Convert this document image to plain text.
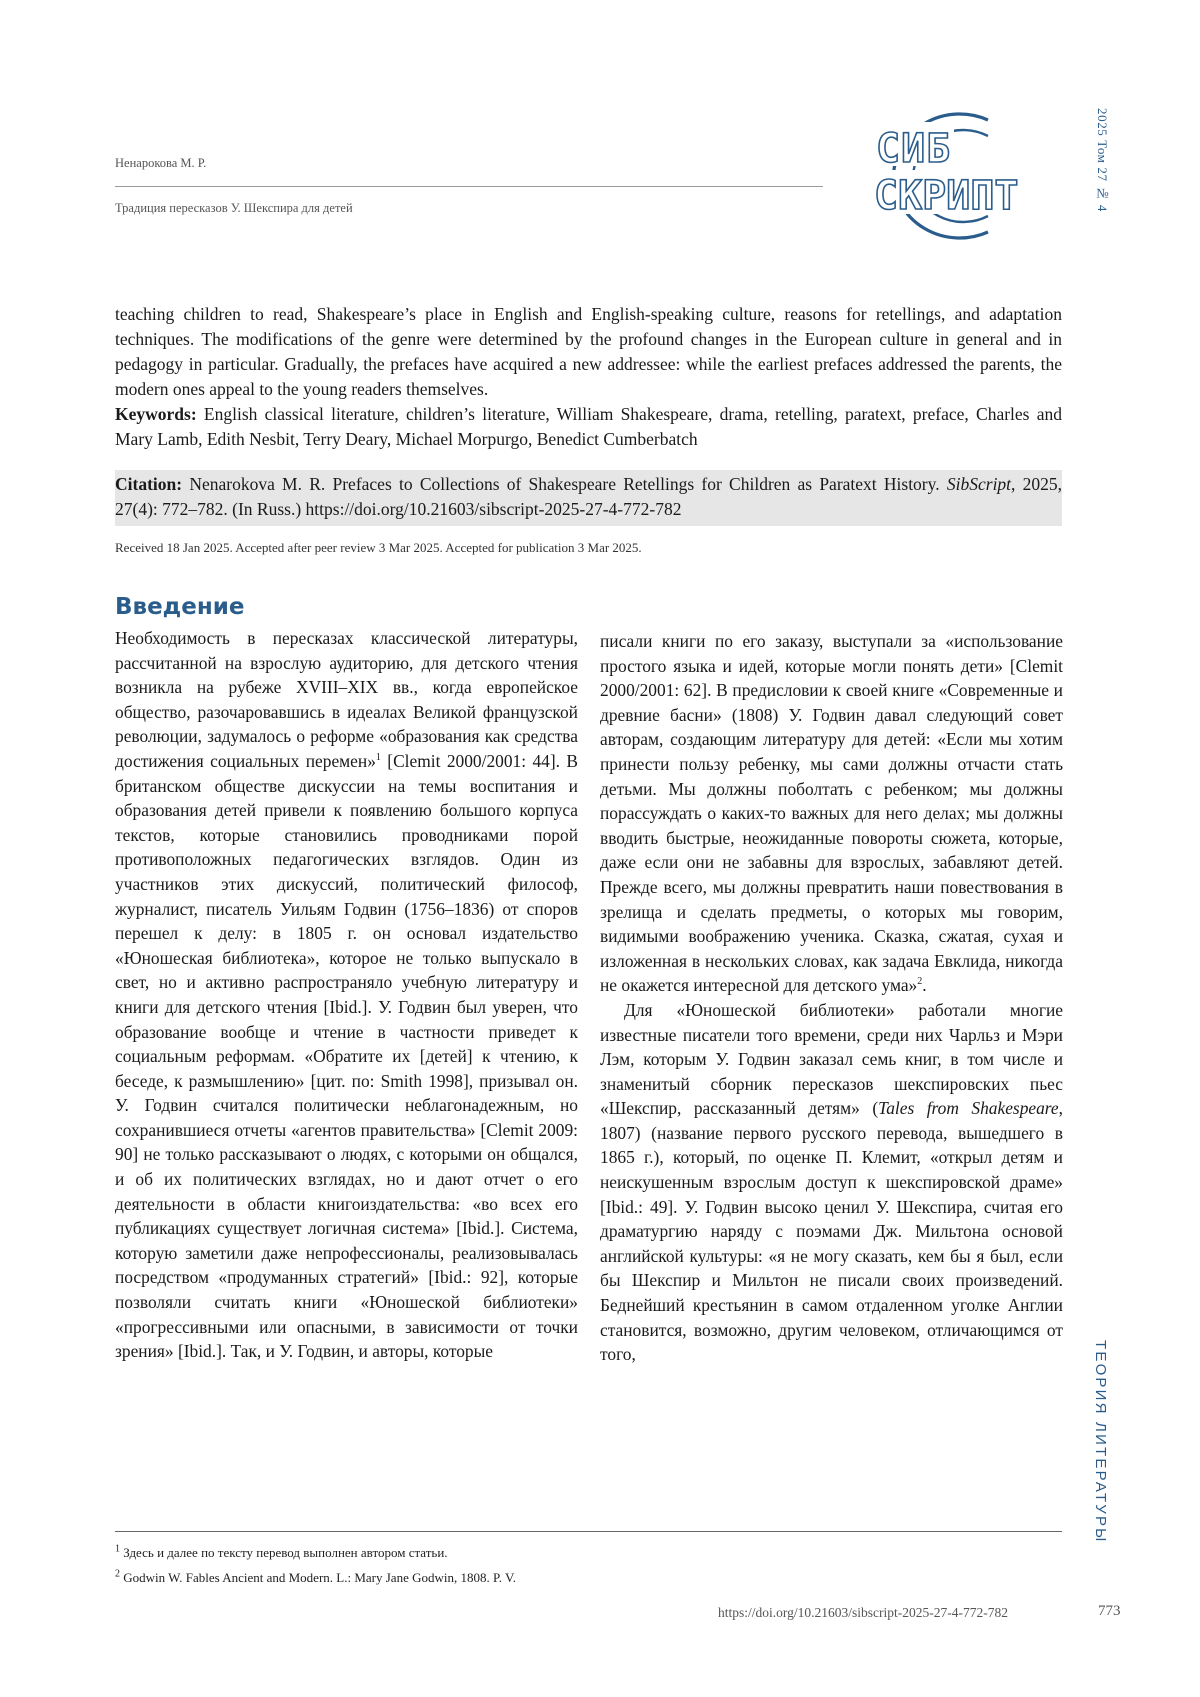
Ненарокова М. Р.
Традиция пересказов У. Шекспира для детей
СИБ
СКРИПТ	2025 Том 27 № 4

teaching children to read, Shakespeare’s place in English and English-speaking culture, reasons for retellings, and adaptation techniques. The modifications of the genre were determined by the profound changes in the European culture in general and in pedagogy in particular. Gradually, the prefaces have acquired a new addressee: while the earliest prefaces addressed the parents, the modern ones appeal to the young readers themselves.

Keywords: English classical literature, children’s literature, William Shakespeare, drama, retelling, paratext, preface, Charles and Mary Lamb, Edith Nesbit, Terry Deary, Michael Morpurgo, Benedict Cumberbatch

Citation: Nenarokova M. R. Prefaces to Collections of Shakespeare Retellings for Children as Paratext History. SibScript, 2025, 27(4): 772–782. (In Russ.) https://doi.org/10.21603/sibscript-2025-27-4-772-782
Received 18 Jan 2025. Accepted after peer review 3 Mar 2025. Accepted for publication 3 Mar 2025.
Введение

Необходимость в пересказах классической литературы, рассчитанной на взрослую аудиторию, для детского чтения возникла на рубеже XVIII–XIX вв., когда европейское общество, разочаровавшись в идеалах Великой французской революции, задумалось о реформе «образования как средства достижения социальных перемен»$^1$ [Clemit 2000/2001: 44]. В британском обществе дискуссии на темы воспитания и образования детей привели к появлению большого корпуса текстов, которые становились проводниками порой противоположных педагогических взглядов. Один из участников этих дискуссий, политический философ, журналист, писатель Уильям Годвин (1756–1836) от споров перешел к делу: в 1805 г. он основал издательство «Юношеская библиотека», которое не только выпускало в свет, но и активно распространяло учебную литературу и книги для детского чтения [Ibid.]. У. Годвин был уверен, что образование вообще и чтение в частности приведет к социальным реформам. «Обратите их [детей] к чтению, к беседе, к размышлению» [цит. по: Smith 1998], призывал он. У. Годвин считался политически неблагонадежным, но сохранившиеся отчеты «агентов правительства» [Clemit 2009: 90] не только рассказывают о людях, с которыми он общался, и об их политических взглядах, но и дают отчет о его деятельности в области книгоиздательства: «во всех его публикациях существует логичная система» [Ibid.]. Система, которую заметили даже непрофессионалы, реализовывалась посредством «продуманных стратегий» [Ibid.: 92], которые позволяли считать книги «Юношеской библиотеки» «прогрессивными или опасными, в зависимости от точки зрения» [Ibid.]. Так, и У. Годвин, и авторы, которые

писали книги по его заказу, выступали за «использование простого языка и идей, которые могли понять дети» [Clemit 2000/2001: 62]. В предисловии к своей книге «Современные и древние басни» (1808) У. Годвин давал следующий совет авторам, создающим литературу для детей: «Если мы хотим принести пользу ребенку, мы сами должны отчасти стать детьми. Мы должны поболтать с ребенком; мы должны порассуждать о каких-то важных для него делах; мы должны вводить быстрые, неожиданные повороты сюжета, которые, даже если они не забавны для взрослых, забавляют детей. Прежде всего, мы должны превратить наши повествования в зрелища и сделать предметы, о которых мы говорим, видимыми воображению ученика. Сказка, сжатая, сухая и изложенная в нескольких словах, как задача Евклида, никогда не окажется интересной для детского ума»$^2$.

Для «Юношеской библиотеки» работали многие известные писатели того времени, среди них Чарльз и Мэри Лэм, которым У. Годвин заказал семь книг, в том числе и знаменитый сборник пересказов шекспировских пьес «Шекспир, рассказанный детям» (Tales from Shakespeare, 1807) (название первого русского перевода, вышедшего в 1865 г.), который, по оценке П. Клемит, «открыл детям и неискушенным взрослым доступ к шекспировской драме» [Ibid.: 49]. У. Годвин высоко ценил У. Шекспира, считая его драматургию наряду с поэмами Дж. Мильтона основой английской культуры: «я не могу сказать, кем бы я был, если бы Шекспир и Мильтон не писали своих произведений. Беднейший крестьянин в самом отдаленном уголке Англии становится, возможно, другим человеком, отличающимся от того,

$^1$ Здесь и далее по тексту перевод выполнен автором статьи.
$^2$ Godwin W. Fables Ancient and Modern. L.: Mary Jane Godwin, 1808. P. V.
ТЕОРИЯ ЛИТЕРАТУРЫ
https://doi.org/10.21603/sibscript-2025-27-4-772-782	773
